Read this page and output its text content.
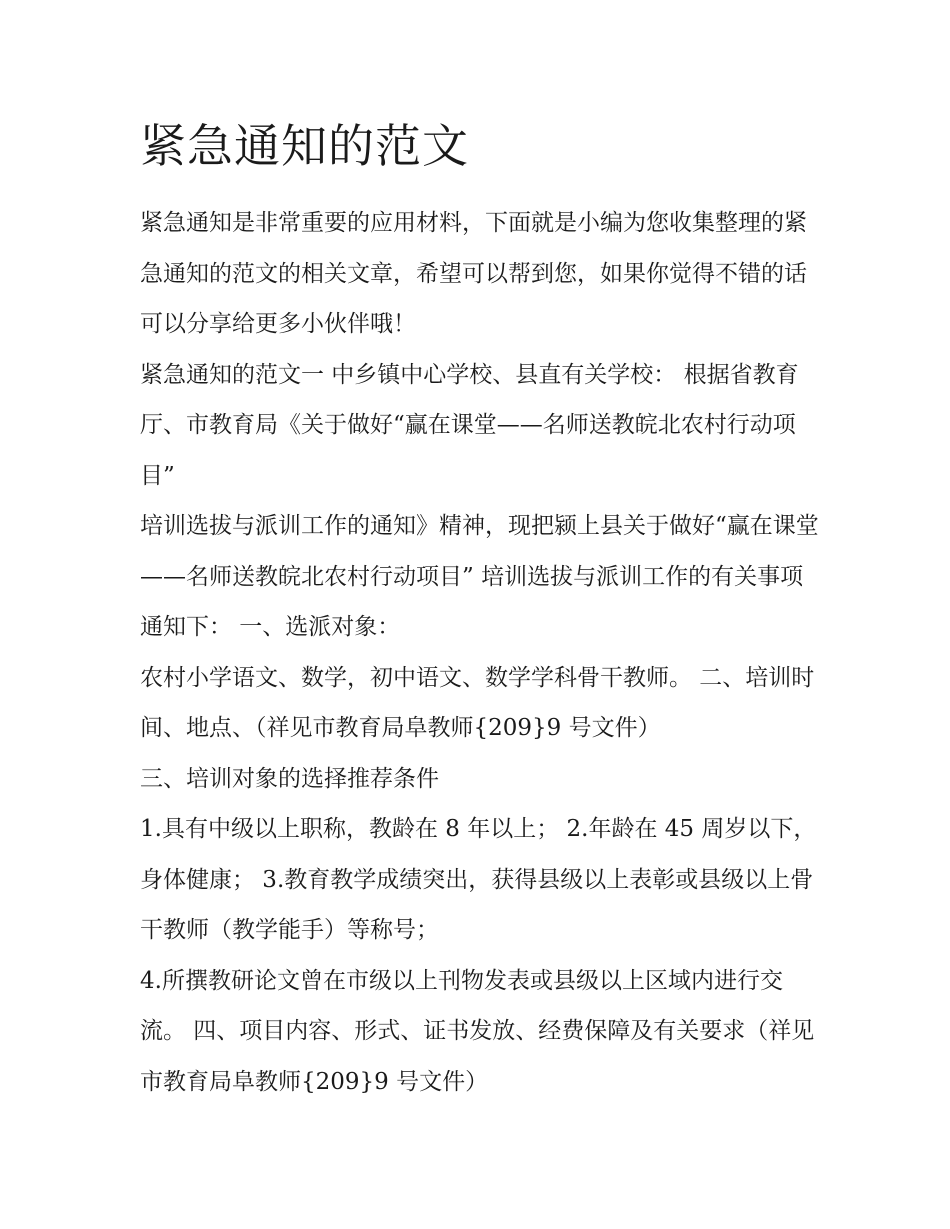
紧急通知的范文

紧急通知是非常重要的应用材料，下面就是小编为您收集整理的紧急通知的范文的相关文章，希望可以帮到您，如果你觉得不错的话可以分享给更多小伙伴哦！

紧急通知的范文一 中乡镇中心学校、县直有关学校： 根据省教育厅、市教育局《关于做好“赢在课堂——名师送教皖北农村行动项目”

培训选拔与派训工作的通知》精神，现把颍上县关于做好“赢在课堂——名师送教皖北农村行动项目” 培训选拔与派训工作的有关事项通知下： 一、选派对象：

农村小学语文、数学，初中语文、数学学科骨干教师。 二、培训时间、地点、（祥见市教育局阜教师{209}9 号文件）

三、培训对象的选择推荐条件

1.具有中级以上职称，教龄在 8 年以上； 2.年龄在 45 周岁以下，身体健康； 3.教育教学成绩突出，获得县级以上表彰或县级以上骨干教师（教学能手）等称号；

4.所撰教研论文曾在市级以上刊物发表或县级以上区域内进行交流。 四、项目内容、形式、证书发放、经费保障及有关要求（祥见市教育局阜教师{209}9 号文件）
